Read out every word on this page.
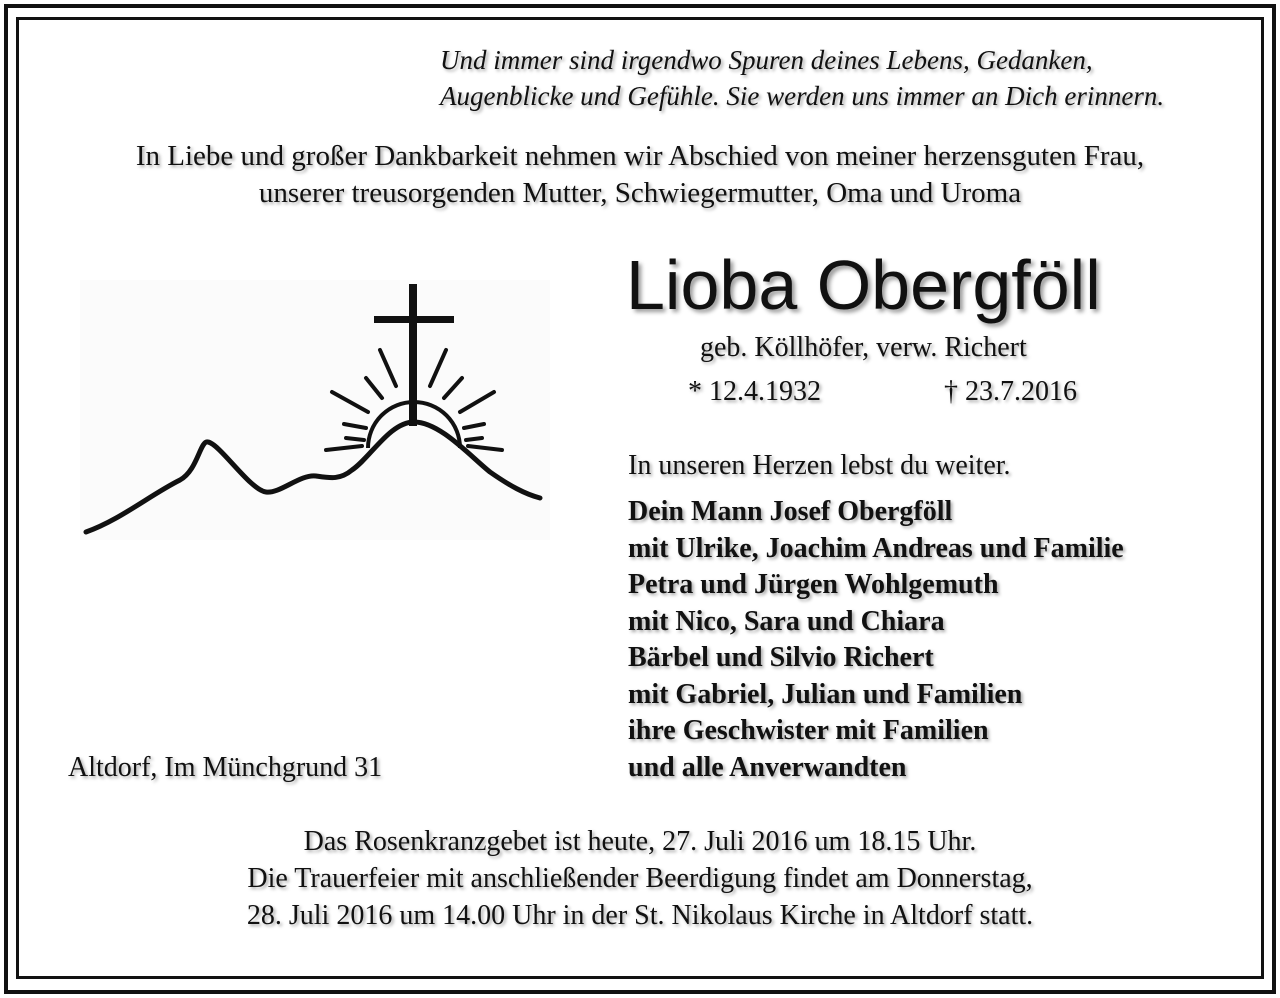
Und immer sind irgendwo Spuren deines Lebens, Gedanken,
Augenblicke und Gefühle. Sie werden uns immer an Dich erinnern.
In Liebe und großer Dankbarkeit nehmen wir Abschied von meiner herzensguten Frau,
unserer treusorgenden Mutter, Schwiegermutter, Oma und Uroma
Lioba Obergföll
geb. Köllhöfer, verw. Richert
* 12.4.1932	† 23.7.2016
In unseren Herzen lebst du weiter.
Dein Mann Josef Obergföll
mit Ulrike, Joachim Andreas und Familie
Petra und Jürgen Wohlgemuth
mit Nico, Sara und Chiara
Bärbel und Silvio Richert
mit Gabriel, Julian und Familien
ihre Geschwister mit Familien
und alle Anverwandten
Altdorf, Im Münchgrund 31
Das Rosenkranzgebet ist heute, 27. Juli 2016 um 18.15 Uhr.
Die Trauerfeier mit anschließender Beerdigung findet am Donnerstag,
28. Juli 2016 um 14.00 Uhr in der St. Nikolaus Kirche in Altdorf statt.
